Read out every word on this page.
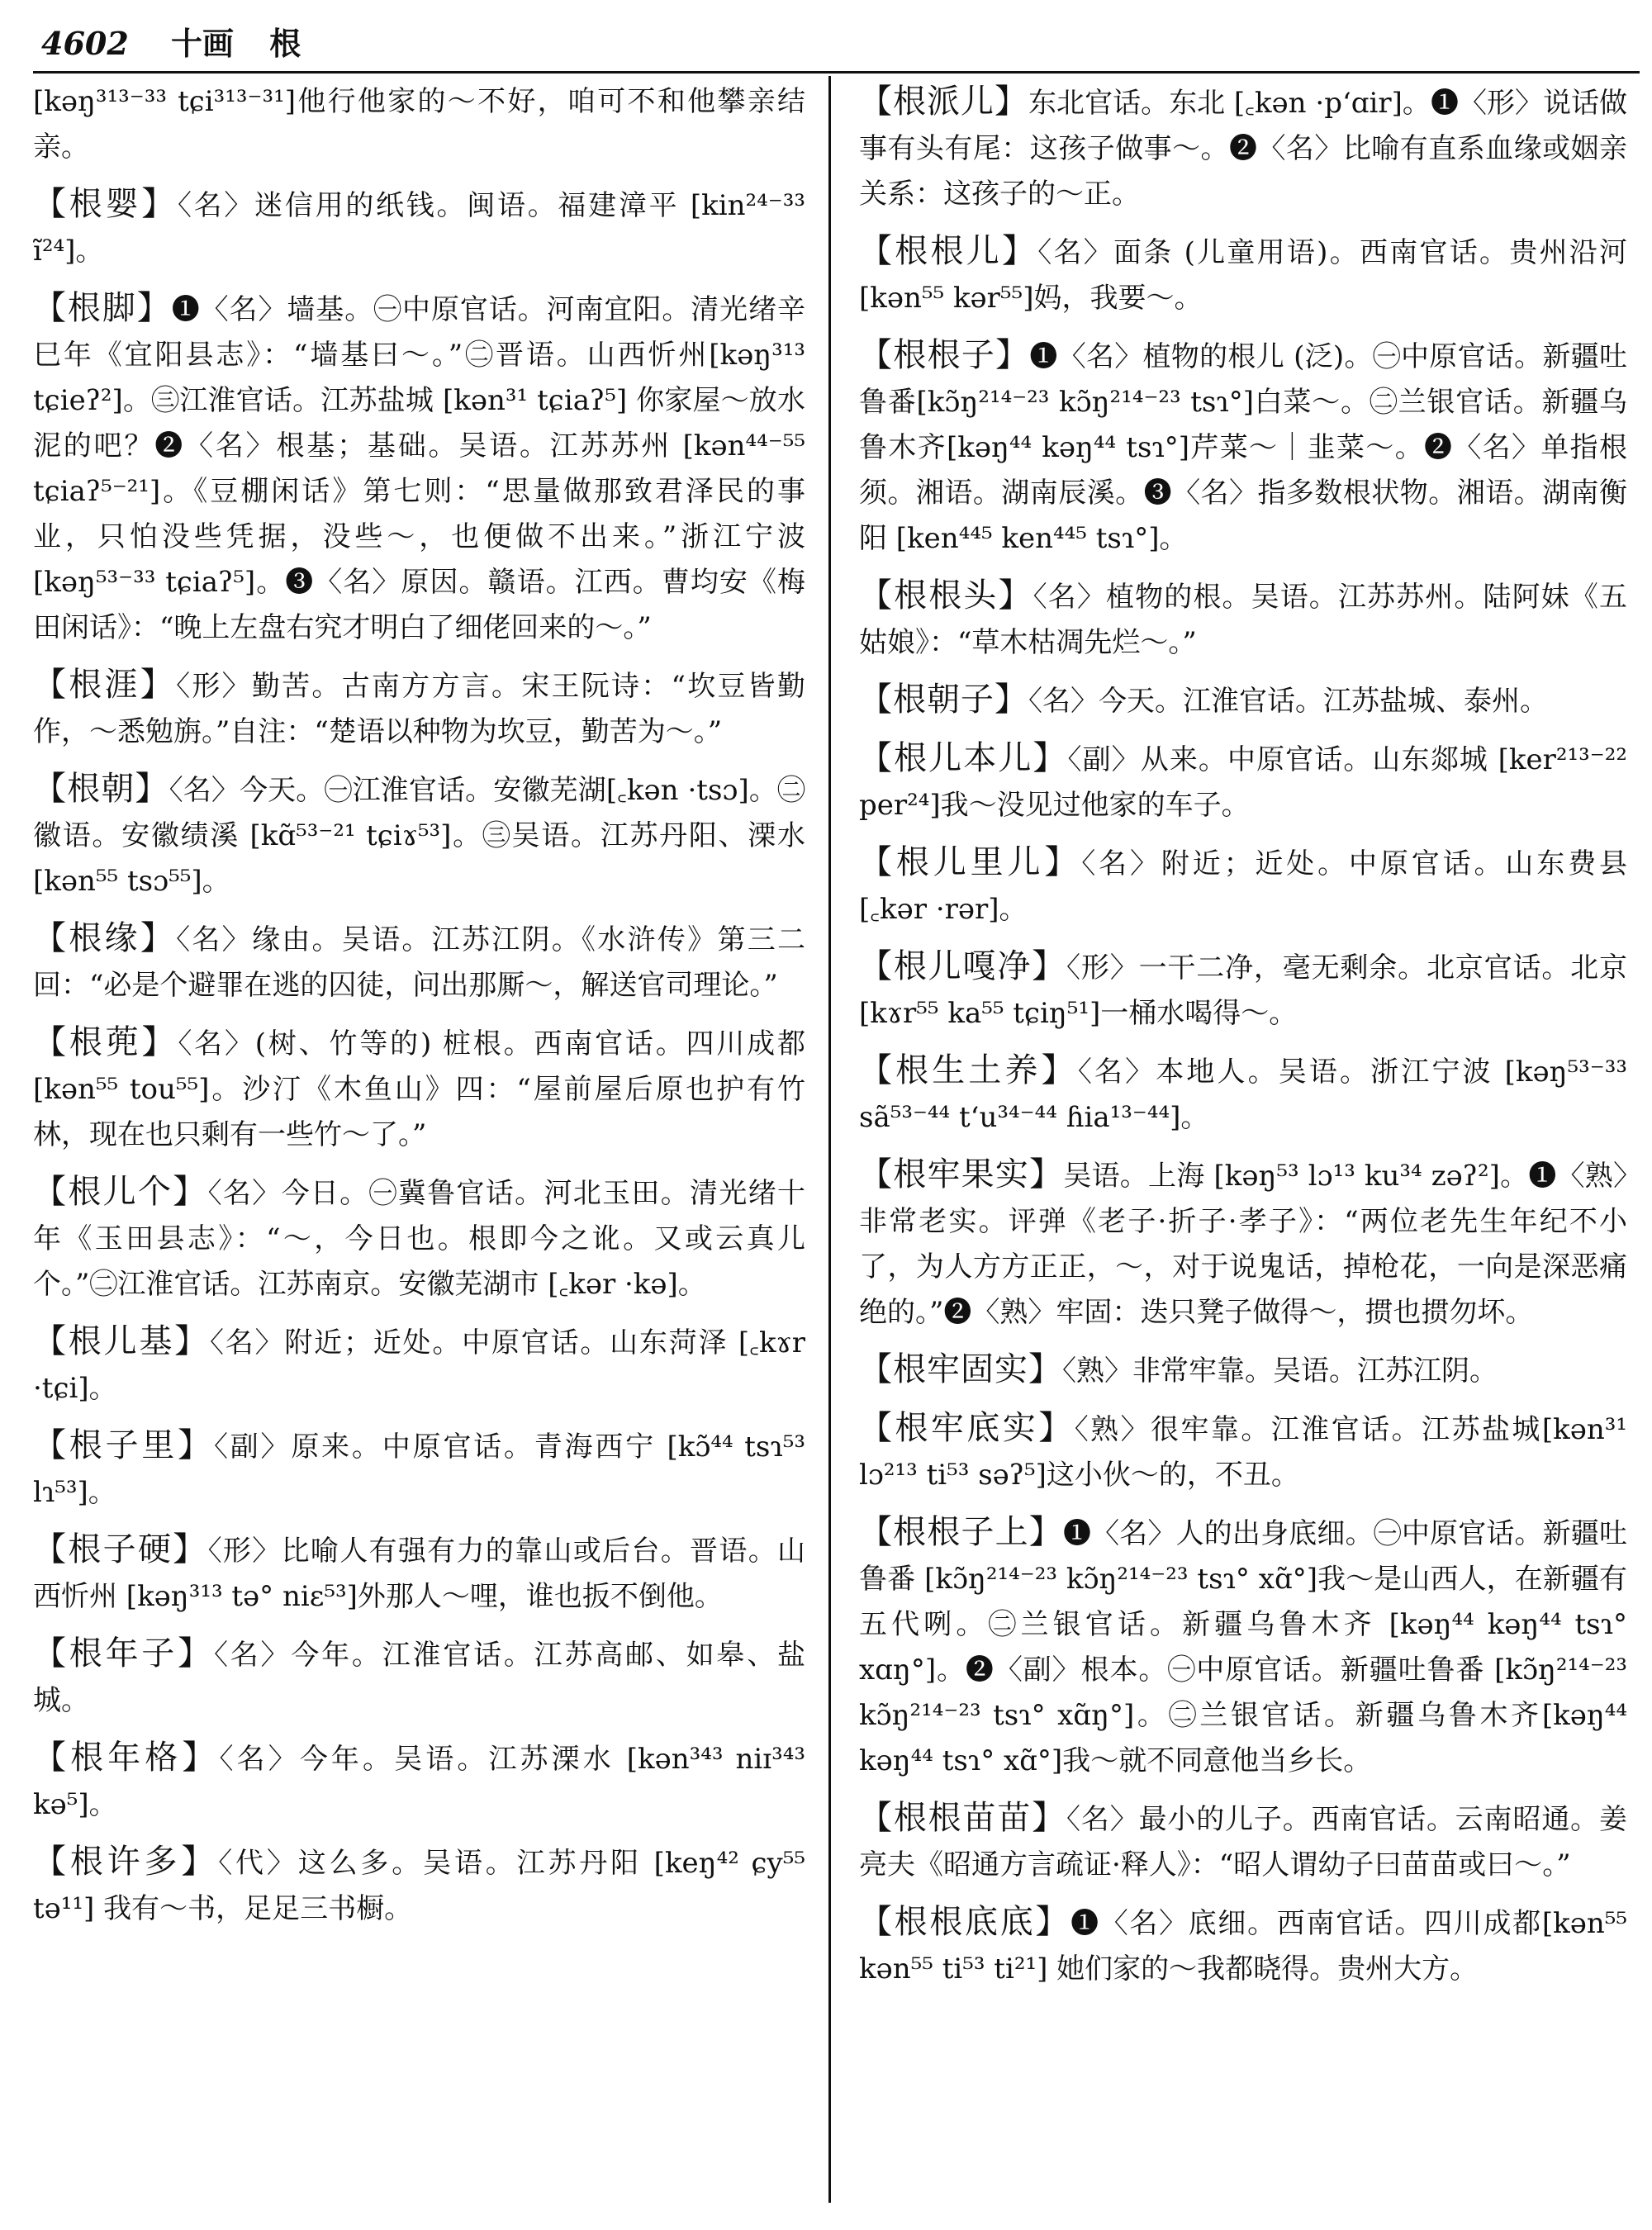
4602 十画 根
[kəŋ³¹³⁻³³ tɕi³¹³⁻³¹]他行他家的～不好，咱可不和他攀亲结亲。
【根婴】〈名〉迷信用的纸钱。闽语。福建漳平 [kin²⁴⁻³³ ĩ²⁴]。
【根脚】❶〈名〉墙基。㊀中原官话。河南宜阳。清光绪辛巳年《宜阳县志》：“墙基曰～。”㊁晋语。山西忻州[kəŋ³¹³ tɕieʔ²]。㊂江淮官话。江苏盐城 [kən³¹ tɕiaʔ⁵] 你家屋～放水泥的吧？❷〈名〉根基；基础。吴语。江苏苏州 [kən⁴⁴⁻⁵⁵ tɕiaʔ⁵⁻²¹]。《豆棚闲话》第七则：“思量做那致君泽民的事业，只怕没些凭据，没些～，也便做不出来。”浙江宁波 [kəŋ⁵³⁻³³ tɕiaʔ⁵]。❸〈名〉原因。赣语。江西。曹均安《梅田闲话》：“晚上左盘右究才明白了细佬回来的～。”
【根涯】〈形〉勤苦。古南方方言。宋王阮诗：“坎豆皆勤作，～悉勉旃。”自注：“楚语以种物为坎豆，勤苦为～。”
【根朝】〈名〉今天。㊀江淮官话。安徽芜湖[꜀kən ·tsɔ]。㊁徽语。安徽绩溪 [kɑ̃⁵³⁻²¹ tɕiɤ⁵³]。㊂吴语。江苏丹阳、溧水 [kən⁵⁵ tsɔ⁵⁵]。
【根缘】〈名〉缘由。吴语。江苏江阴。《水浒传》第三二回：“必是个避罪在逃的囚徒，问出那厮～，解送官司理论。”
【根蔸】〈名〉(树、竹等的) 桩根。西南官话。四川成都 [kən⁵⁵ tou⁵⁵]。沙汀《木鱼山》四：“屋前屋后原也护有竹林，现在也只剩有一些竹～了。”
【根儿个】〈名〉今日。㊀冀鲁官话。河北玉田。清光绪十年《玉田县志》：“～，今日也。根即今之讹。又或云真儿个。”㊁江淮官话。江苏南京。安徽芜湖市 [꜀kər ·kə]。
【根儿基】〈名〉附近；近处。中原官话。山东菏泽 [꜀kɤr ·tɕi]。
【根子里】〈副〉原来。中原官话。青海西宁 [kɔ̃⁴⁴ tsɿ⁵³ lɿ⁵³]。
【根子硬】〈形〉比喻人有强有力的靠山或后台。晋语。山西忻州 [kəŋ³¹³ tə° niɛ⁵³]外那人～哩，谁也扳不倒他。
【根年子】〈名〉今年。江淮官话。江苏高邮、如皋、盐城。
【根年格】〈名〉今年。吴语。江苏溧水 [kən³⁴³ niɪ³⁴³ kə⁵]。
【根许多】〈代〉这么多。吴语。江苏丹阳 [keŋ⁴² ɕy⁵⁵ tə¹¹] 我有～书，足足三书橱。
【根派儿】东北官话。东北 [꜀kən ·pʻɑir]。❶〈形〉说话做事有头有尾：这孩子做事～。❷〈名〉比喻有直系血缘或姻亲关系：这孩子的～正。
【根根儿】〈名〉面条 (儿童用语)。西南官话。贵州沿河 [kən⁵⁵ kər⁵⁵]妈，我要～。
【根根子】❶〈名〉植物的根儿 (泛)。㊀中原官话。新疆吐鲁番[kɔ̃ŋ²¹⁴⁻²³ kɔ̃ŋ²¹⁴⁻²³ tsɿ°]白菜～。㊁兰银官话。新疆乌鲁木齐[kəŋ⁴⁴ kəŋ⁴⁴ tsɿ°]芹菜～｜韭菜～。❷〈名〉单指根须。湘语。湖南辰溪。❸〈名〉指多数根状物。湘语。湖南衡阳 [ken⁴⁴⁵ ken⁴⁴⁵ tsɿ°]。
【根根头】〈名〉植物的根。吴语。江苏苏州。陆阿妹《五姑娘》：“草木枯凋先烂～。”
【根朝子】〈名〉今天。江淮官话。江苏盐城、泰州。
【根儿本儿】〈副〉从来。中原官话。山东郯城 [ker²¹³⁻²² per²⁴]我～没见过他家的车子。
【根儿里儿】〈名〉附近；近处。中原官话。山东费县 [꜀kər ·rər]。
【根儿嘎净】〈形〉一干二净，毫无剩余。北京官话。北京 [kɤr⁵⁵ ka⁵⁵ tɕiŋ⁵¹]一桶水喝得～。
【根生土养】〈名〉本地人。吴语。浙江宁波 [kəŋ⁵³⁻³³ sã⁵³⁻⁴⁴ tʻu³⁴⁻⁴⁴ ɦia¹³⁻⁴⁴]。
【根牢果实】吴语。上海 [kəŋ⁵³ lɔ¹³ ku³⁴ zəʔ²]。❶〈熟〉非常老实。评弹《老子·折子·孝子》：“两位老先生年纪不小了，为人方方正正，～，对于说鬼话，掉枪花，一向是深恶痛绝的。”❷〈熟〉牢固：迭只凳子做得～，掼也掼勿坏。
【根牢固实】〈熟〉非常牢靠。吴语。江苏江阴。
【根牢底实】〈熟〉很牢靠。江淮官话。江苏盐城[kən³¹ lɔ²¹³ ti⁵³ səʔ⁵]这小伙～的，不丑。
【根根子上】❶〈名〉人的出身底细。㊀中原官话。新疆吐鲁番 [kɔ̃ŋ²¹⁴⁻²³ kɔ̃ŋ²¹⁴⁻²³ tsɿ° xɑ̃°]我～是山西人，在新疆有五代咧。㊁兰银官话。新疆乌鲁木齐 [kəŋ⁴⁴ kəŋ⁴⁴ tsɿ° xɑŋ°]。❷〈副〉根本。㊀中原官话。新疆吐鲁番 [kɔ̃ŋ²¹⁴⁻²³ kɔ̃ŋ²¹⁴⁻²³ tsɿ° xɑ̃ŋ°]。㊁兰银官话。新疆乌鲁木齐[kəŋ⁴⁴ kəŋ⁴⁴ tsɿ° xɑ̃°]我～就不同意他当乡长。
【根根苗苗】〈名〉最小的儿子。西南官话。云南昭通。姜亮夫《昭通方言疏证·释人》：“昭人谓幼子曰苗苗或曰～。”
【根根底底】❶〈名〉底细。西南官话。四川成都[kən⁵⁵ kən⁵⁵ ti⁵³ ti²¹] 她们家的～我都晓得。贵州大方。
